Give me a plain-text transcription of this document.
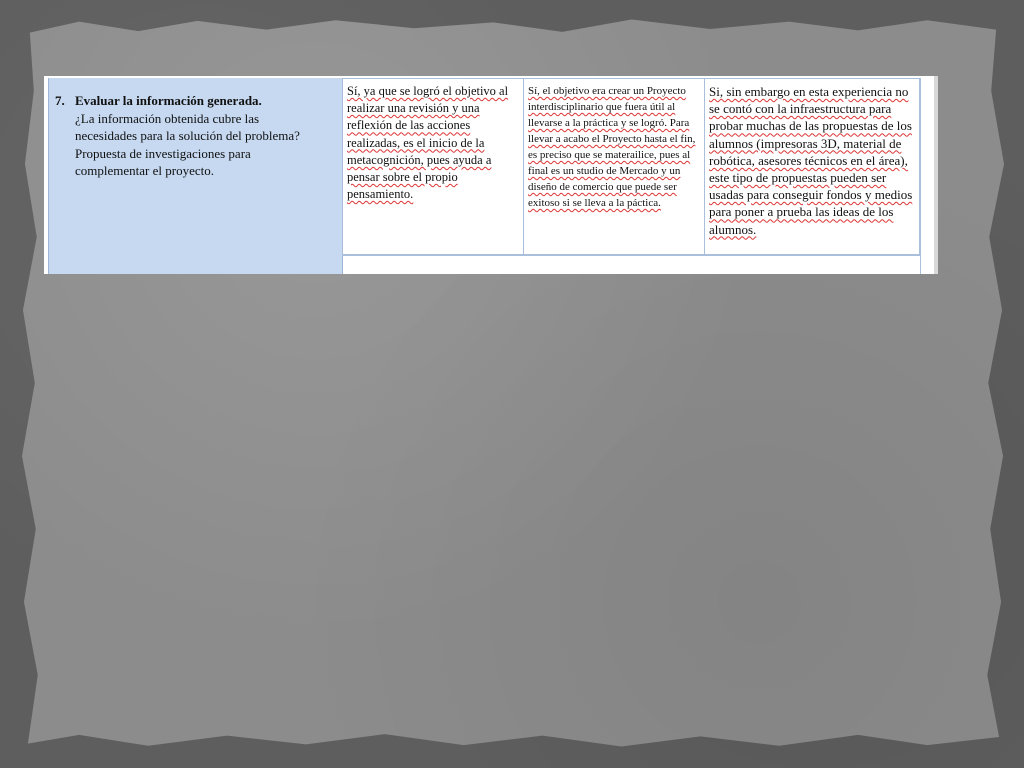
7. Evaluar la información generada.
¿La información obtenida cubre las
necesidades para la solución del problema?
Propuesta de investigaciones para
complementar el proyecto.
Sí, ya que se logró el objetivo al realizar una revisión y una reflexión de las acciones realizadas, es el inicio de la metacognición, pues ayuda a pensar sobre el propio pensamiento.
Sí, el objetivo era crear un Proyecto interdisciplinario que fuera útil al llevarse a la práctica y se logró. Para llevar a acabo el Proyecto hasta el fin, es preciso que se materailice, pues al final es un studio de Mercado y un diseño de comercio que puede ser exitoso si se lleva a la páctica.
Si, sin embargo en esta experiencia no se contó con la infraestructura para probar muchas de las propuestas de los alumnos (impresoras 3D, material de robótica, asesores técnicos en el área), este tipo de propuestas pueden ser usadas para conseguir fondos y medios para poner a prueba las ideas de los alumnos.
